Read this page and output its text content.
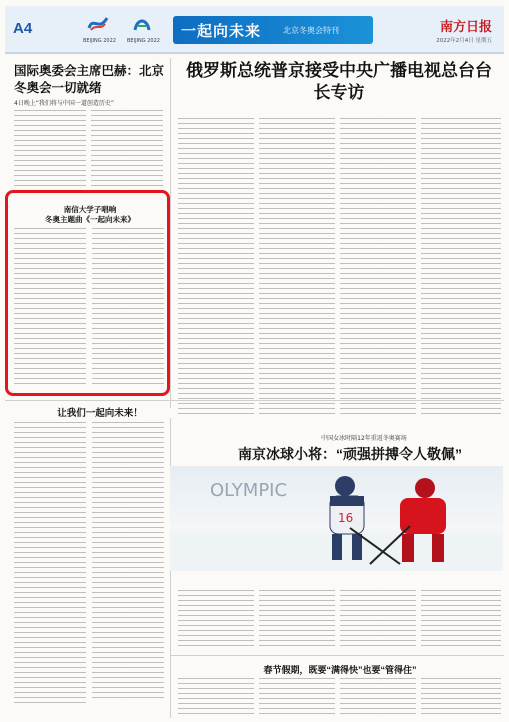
A4
BEIJING 2022 BEIJING 2022
一起向未来	北京冬奥会特刊	南方日报
2022年2月4日 星期五
国际奥委会主席巴赫：北京冬奥会一切就绪
4日晚上“我们将与中国一道创造历史”
南信大学子唱响
冬奥主题曲《一起向未来》
俄罗斯总统普京接受中央广播电视总台台长专访
让我们一起向未来！
中国女冰时隔12年重返冬奥赛场
南京冰球小将：“顽强拼搏令人敬佩”
OLYMPIC
16
春节假期，既要“满得快”也要“管得住”
